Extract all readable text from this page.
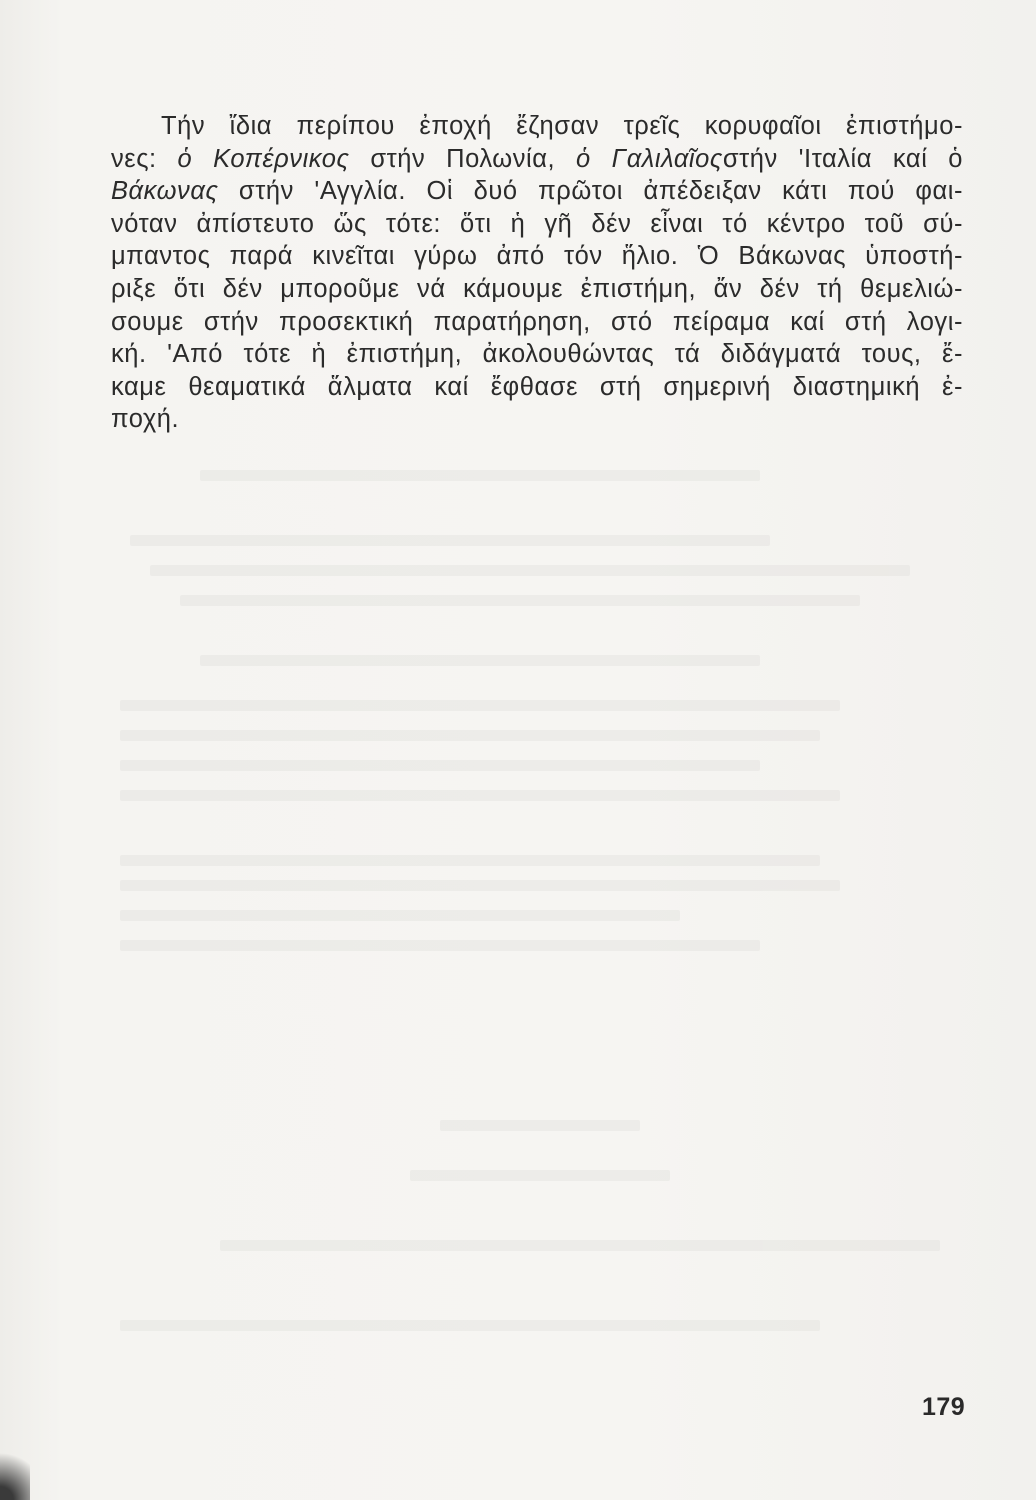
Τήν ἴδια περίπου ἐποχή ἔζησαν τρεῖς κορυφαῖοι ἐπιστήμο-
νες: ὁ Κοπέρνικος στήν Πολωνία, ὁ Γαλιλαῖοςστήν 'Ιταλία καί ὁ
Βάκωνας στήν 'Αγγλία. Οἱ δυό πρῶτοι ἀπέδειξαν κάτι πού φαι-
νόταν ἀπίστευτο ὥς τότε: ὅτι ἡ γῆ δέν εἶναι τό κέντρο τοῦ σύ-
μπαντος παρά κινεῖται γύρω ἀπό τόν ἥλιο. Ὁ Βάκωνας ὑποστή-
ριξε ὅτι δέν μποροῦμε νά κάμουμε ἐπιστήμη, ἄν δέν τή θεμελιώ-
σουμε στήν προσεκτική παρατήρηση, στό πείραμα καί στή λογι-
κή. 'Από τότε ἡ ἐπιστήμη, ἀκολουθώντας τά διδάγματά τους, ἔ-
καμε θεαματικά ἅλματα καί ἔφθασε στή σημερινή διαστημική ἐ-
ποχή.
179
